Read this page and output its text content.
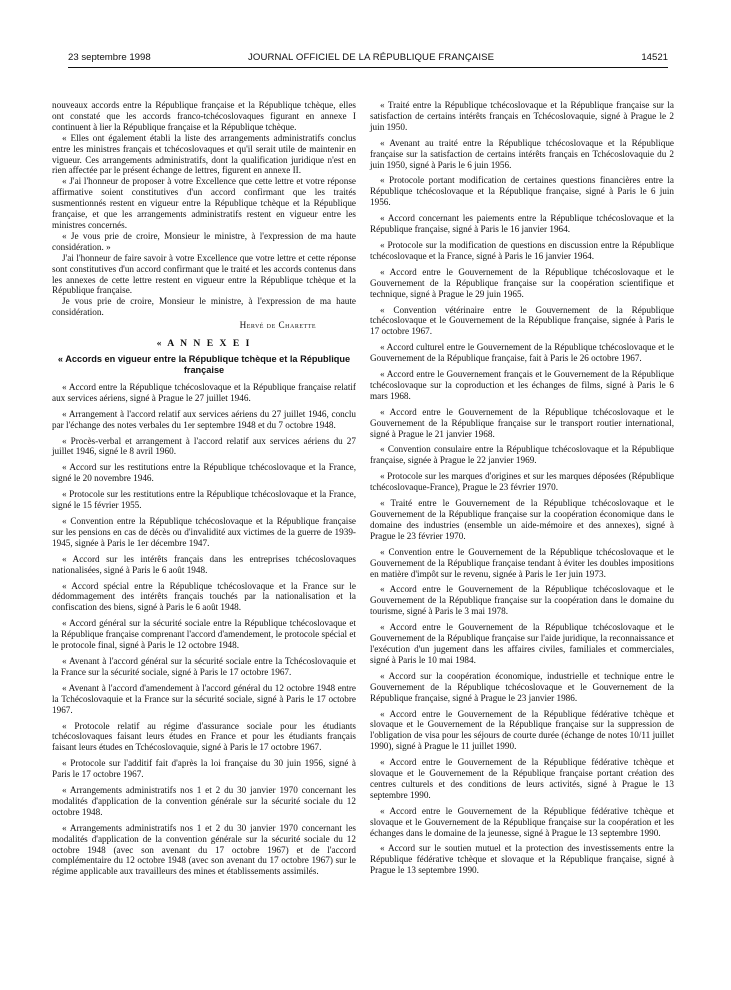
23 septembre 1998	JOURNAL OFFICIEL DE LA RÉPUBLIQUE FRANÇAISE	14521

nouveaux accords entre la République française et la République tchèque, elles ont constaté que les accords franco-tchécoslovaques figurant en annexe I continuent à lier la République française et la République tchèque.

« Elles ont également établi la liste des arrangements administratifs conclus entre les ministres français et tchécoslovaques et qu'il serait utile de maintenir en vigueur. Ces arrangements administratifs, dont la qualification juridique n'est en rien affectée par le présent échange de lettres, figurent en annexe II.

« J'ai l'honneur de proposer à votre Excellence que cette lettre et votre réponse affirmative soient constitutives d'un accord confirmant que les traités susmentionnés restent en vigueur entre la République tchèque et la République française, et que les arrangements administratifs restent en vigueur entre les ministres concernés.

« Je vous prie de croire, Monsieur le ministre, à l'expression de ma haute considération. »

J'ai l'honneur de faire savoir à votre Excellence que votre lettre et cette réponse sont constitutives d'un accord confirmant que le traité et les accords contenus dans les annexes de cette lettre restent en vigueur entre la République tchèque et la République française.

Je vous prie de croire, Monsieur le ministre, à l'expression de ma haute considération.

Hervé de Charette

« A N N E X E I

« Accords en vigueur entre la République tchèque et la République française

« Accord entre la République tchécoslovaque et la République française relatif aux services aériens, signé à Prague le 27 juillet 1946.

« Arrangement à l'accord relatif aux services aériens du 27 juillet 1946, conclu par l'échange des notes verbales du 1er septembre 1948 et du 7 octobre 1948.

« Procès-verbal et arrangement à l'accord relatif aux services aériens du 27 juillet 1946, signé le 8 avril 1960.

« Accord sur les restitutions entre la République tchécoslovaque et la France, signé le 20 novembre 1946.

« Protocole sur les restitutions entre la République tchécoslovaque et la France, signé le 15 février 1955.

« Convention entre la République tchécoslovaque et la République française sur les pensions en cas de décès ou d'invalidité aux victimes de la guerre de 1939-1945, signée à Paris le 1er décembre 1947.

« Accord sur les intérêts français dans les entreprises tchécoslovaques nationalisées, signé à Paris le 6 août 1948.

« Accord spécial entre la République tchécoslovaque et la France sur le dédommagement des intérêts français touchés par la nationalisation et la confiscation des biens, signé à Paris le 6 août 1948.

« Accord général sur la sécurité sociale entre la République tchécoslovaque et la République française comprenant l'accord d'amendement, le protocole spécial et le protocole final, signé à Paris le 12 octobre 1948.

« Avenant à l'accord général sur la sécurité sociale entre la Tchécoslovaquie et la France sur la sécurité sociale, signé à Paris le 17 octobre 1967.

« Avenant à l'accord d'amendement à l'accord général du 12 octobre 1948 entre la Tchécoslovaquie et la France sur la sécurité sociale, signé à Paris le 17 octobre 1967.

« Protocole relatif au régime d'assurance sociale pour les étudiants tchécoslovaques faisant leurs études en France et pour les étudiants français faisant leurs études en Tchécoslovaquie, signé à Paris le 17 octobre 1967.

« Protocole sur l'additif fait d'après la loi française du 30 juin 1956, signé à Paris le 17 octobre 1967.

« Arrangements administratifs nos 1 et 2 du 30 janvier 1970 concernant les modalités d'application de la convention générale sur la sécurité sociale du 12 octobre 1948.

« Arrangements administratifs nos 1 et 2 du 30 janvier 1970 concernant les modalités d'application de la convention générale sur la sécurité sociale du 12 octobre 1948 (avec son avenant du 17 octobre 1967) et de l'accord complémentaire du 12 octobre 1948 (avec son avenant du 17 octobre 1967) sur le régime applicable aux travailleurs des mines et établissements assimilés.

« Traité entre la République tchécoslovaque et la République française sur la satisfaction de certains intérêts français en Tchécoslovaquie, signé à Prague le 2 juin 1950.

« Avenant au traité entre la République tchécoslovaque et la République française sur la satisfaction de certains intérêts français en Tchécoslovaquie du 2 juin 1950, signé à Paris le 6 juin 1956.

« Protocole portant modification de certaines questions financières entre la République tchécoslovaque et la République française, signé à Paris le 6 juin 1956.

« Accord concernant les paiements entre la République tchécoslovaque et la République française, signé à Paris le 16 janvier 1964.

« Protocole sur la modification de questions en discussion entre la République tchécoslovaque et la France, signé à Paris le 16 janvier 1964.

« Accord entre le Gouvernement de la République tchécoslovaque et le Gouvernement de la République française sur la coopération scientifique et technique, signé à Prague le 29 juin 1965.

« Convention vétérinaire entre le Gouvernement de la République tchécoslovaque et le Gouvernement de la République française, signée à Paris le 17 octobre 1967.

« Accord culturel entre le Gouvernement de la République tchécoslovaque et le Gouvernement de la République française, fait à Paris le 26 octobre 1967.

« Accord entre le Gouvernement français et le Gouvernement de la République tchécoslovaque sur la coproduction et les échanges de films, signé à Paris le 6 mars 1968.

« Accord entre le Gouvernement de la République tchécoslovaque et le Gouvernement de la République française sur le transport routier international, signé à Prague le 21 janvier 1968.

« Convention consulaire entre la République tchécoslovaque et la République française, signée à Prague le 22 janvier 1969.

« Protocole sur les marques d'origines et sur les marques déposées (République tchécoslovaque-France), Prague le 23 février 1970.

« Traité entre le Gouvernement de la République tchécoslovaque et le Gouvernement de la République française sur la coopération économique dans le domaine des industries (ensemble un aide-mémoire et des annexes), signé à Prague le 23 février 1970.

« Convention entre le Gouvernement de la République tchécoslovaque et le Gouvernement de la République française tendant à éviter les doubles impositions en matière d'impôt sur le revenu, signée à Paris le 1er juin 1973.

« Accord entre le Gouvernement de la République tchécoslovaque et le Gouvernement de la République française sur la coopération dans le domaine du tourisme, signé à Paris le 3 mai 1978.

« Accord entre le Gouvernement de la République tchécoslovaque et le Gouvernement de la République française sur l'aide juridique, la reconnaissance et l'exécution d'un jugement dans les affaires civiles, familiales et commerciales, signé à Paris le 10 mai 1984.

« Accord sur la coopération économique, industrielle et technique entre le Gouvernement de la République tchécoslovaque et le Gouvernement de la République française, signé à Prague le 23 janvier 1986.

« Accord entre le Gouvernement de la République fédérative tchèque et slovaque et le Gouvernement de la République française sur la suppression de l'obligation de visa pour les séjours de courte durée (échange de notes 10/11 juillet 1990), signé à Prague le 11 juillet 1990.

« Accord entre le Gouvernement de la République fédérative tchèque et slovaque et le Gouvernement de la République française portant création des centres culturels et des conditions de leurs activités, signé à Prague le 13 septembre 1990.

« Accord entre le Gouvernement de la République fédérative tchèque et slovaque et le Gouvernement de la République française sur la coopération et les échanges dans le domaine de la jeunesse, signé à Prague le 13 septembre 1990.

« Accord sur le soutien mutuel et la protection des investissements entre la République fédérative tchèque et slovaque et la République française, signé à Prague le 13 septembre 1990.
